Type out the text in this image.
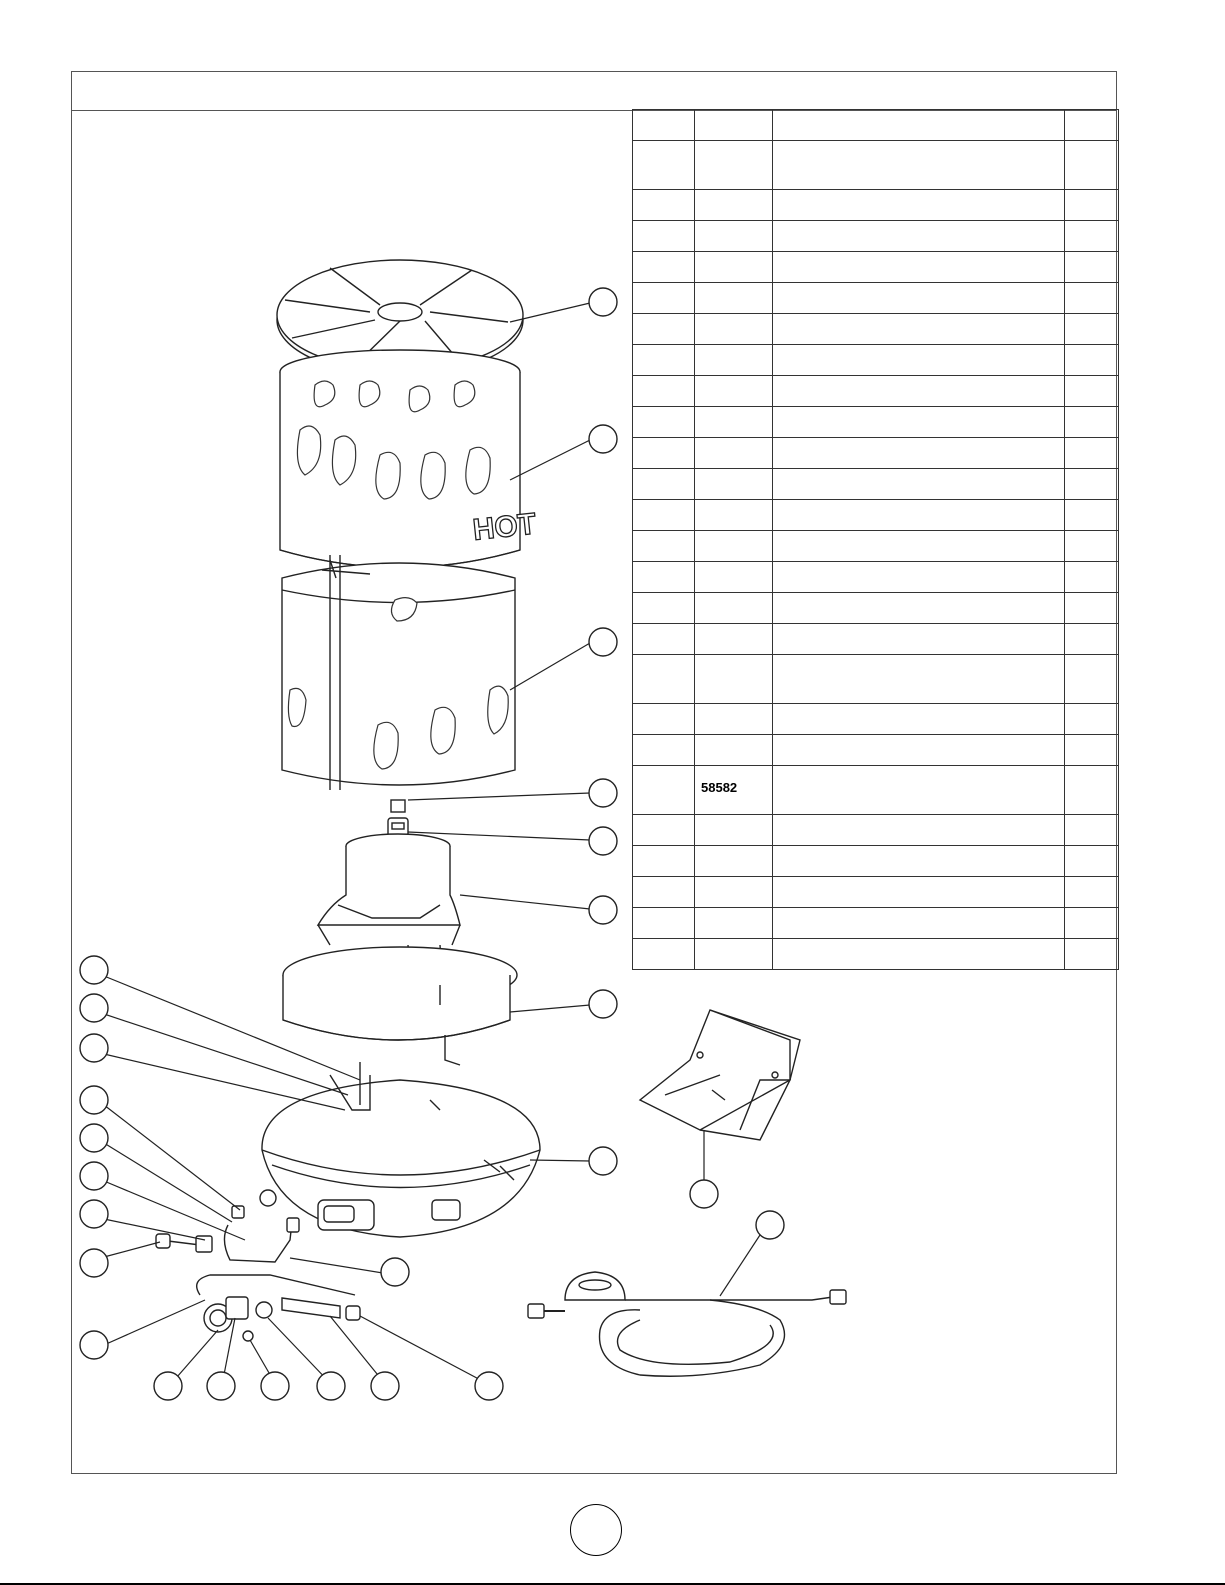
	58582		

HOT
